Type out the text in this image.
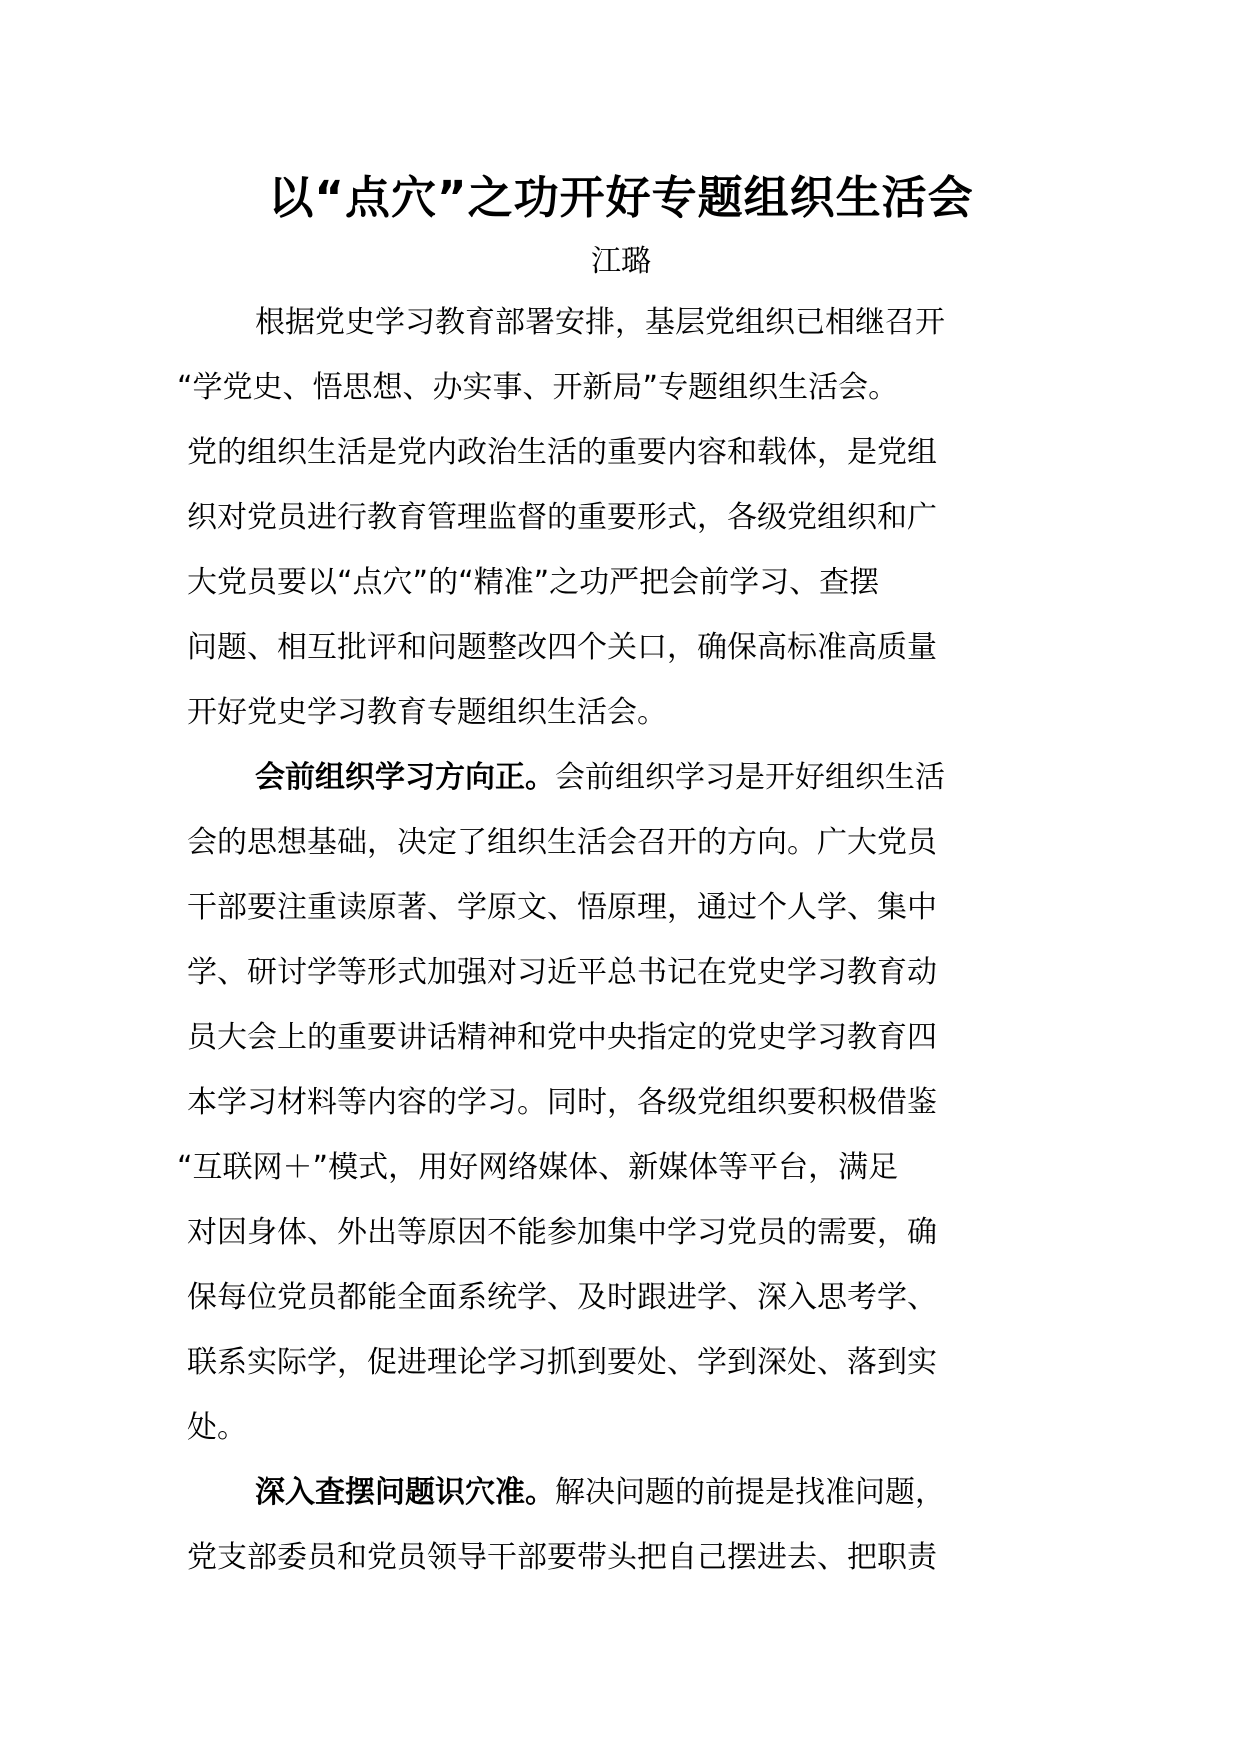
以“点穴”之功开好专题组织生活会
江璐
根据党史学习教育部署安排，基层党组织已相继召开
“学党史、悟思想、办实事、开新局”专题组织生活会。
党的组织生活是党内政治生活的重要内容和载体，是党组
织对党员进行教育管理监督的重要形式，各级党组织和广
大党员要以“点穴”的“精准”之功严把会前学习、查摆
问题、相互批评和问题整改四个关口，确保高标准高质量
开好党史学习教育专题组织生活会。
会前组织学习方向正。会前组织学习是开好组织生活
会的思想基础，决定了组织生活会召开的方向。广大党员
干部要注重读原著、学原文、悟原理，通过个人学、集中
学、研讨学等形式加强对习近平总书记在党史学习教育动
员大会上的重要讲话精神和党中央指定的党史学习教育四
本学习材料等内容的学习。同时，各级党组织要积极借鉴
“互联网＋”模式，用好网络媒体、新媒体等平台，满足
对因身体、外出等原因不能参加集中学习党员的需要，确
保每位党员都能全面系统学、及时跟进学、深入思考学、
联系实际学，促进理论学习抓到要处、学到深处、落到实
处。
深入查摆问题识穴准。解决问题的前提是找准问题，
党支部委员和党员领导干部要带头把自己摆进去、把职责
